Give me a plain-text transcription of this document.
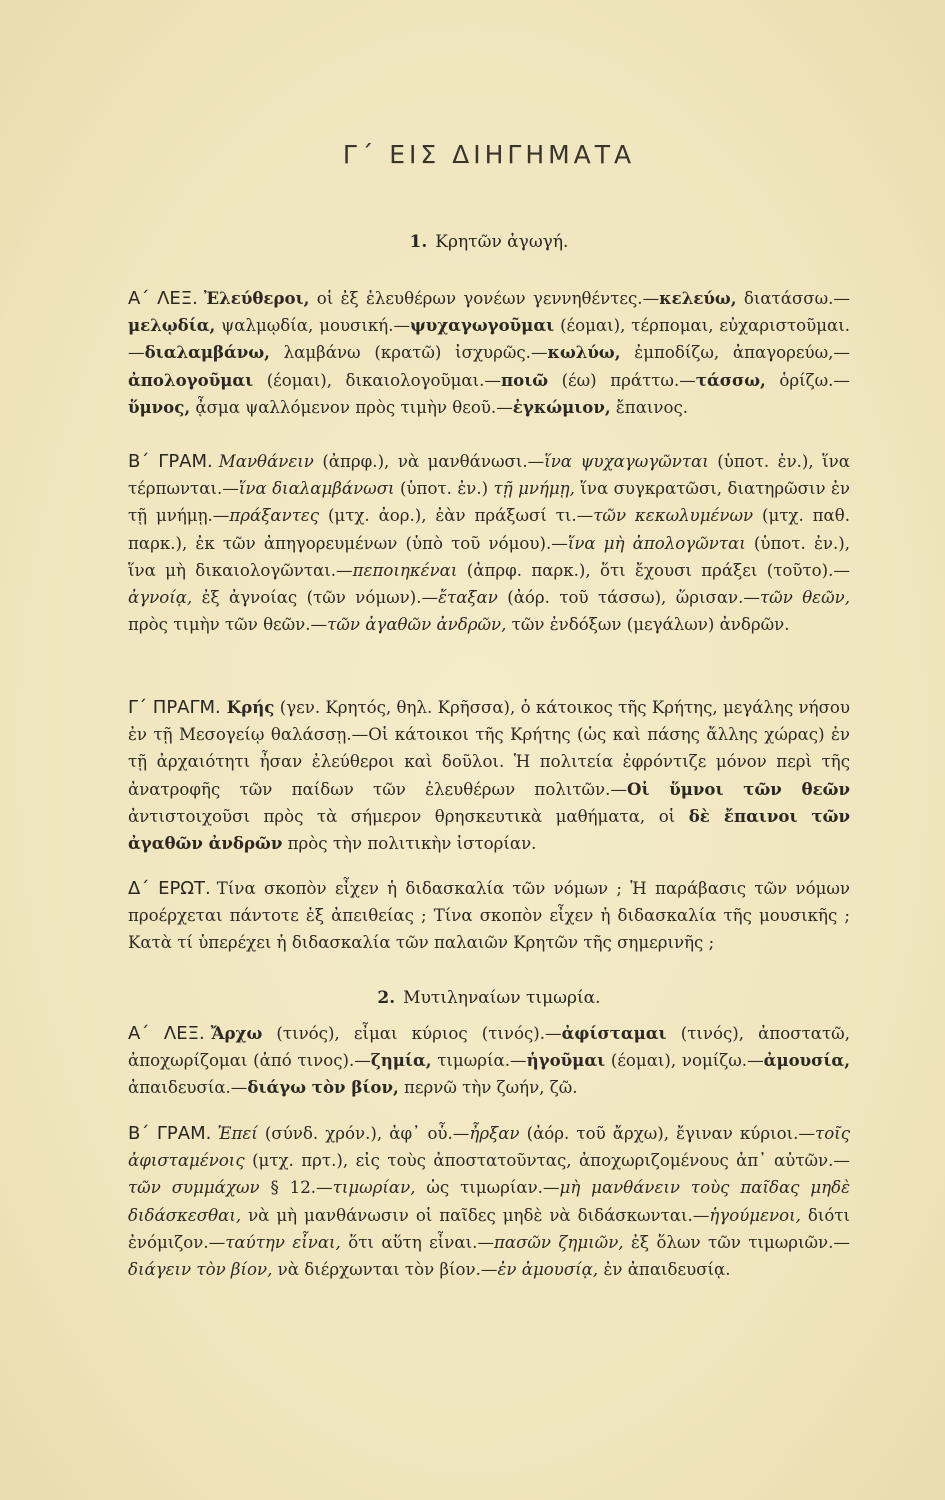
Γ΄ ΕΙΣ ΔΙΗΓΗΜΑΤΑ
1. Κρητῶν ἀγωγή.
Α΄ ΛΕΞ. Ἐλεύθεροι, οἱ ἐξ ἐλευθέρων γονέων γεννηθέντες.—κελεύω, διατάσσω.—μελῳδία, ψαλμῳδία, μουσική.—ψυχαγωγοῦμαι (έομαι), τέρπομαι, εὐχαριστοῦμαι.—διαλαμβάνω, λαμβάνω (κρατῶ) ἰσχυρῶς.—κωλύω, ἐμποδίζω, ἀπαγορεύω,—ἀπολογοῦμαι (έομαι), δικαιολογοῦμαι.—ποιῶ (έω) πράττω.—τάσσω, ὁρίζω.—ὕμνος, ᾆσμα ψαλλόμενον πρὸς τιμὴν θεοῦ.—ἐγκώμιον, ἔπαινος.
Β΄ ΓΡΑΜ. Μανθάνειν (ἀπρφ.), νὰ μανθάνωσι.—ἵνα ψυχαγωγῶνται (ὑποτ. ἐν.), ἵνα τέρπωνται.—ἵνα διαλαμβάνωσι (ὑποτ. ἐν.) τῇ μνήμῃ, ἵνα συγκρατῶσι, διατηρῶσιν ἐν τῇ μνήμῃ.—πράξαντες (μτχ. ἀορ.), ἐὰν πράξωσί τι.—τῶν κεκωλυμένων (μτχ. παθ. παρκ.), ἐκ τῶν ἀπηγορευμένων (ὑπὸ τοῦ νόμου).—ἵνα μὴ ἀπολογῶνται (ὑποτ. ἐν.), ἵνα μὴ δικαιολογῶνται.—πεποιηκέναι (ἀπρφ. παρκ.), ὅτι ἔχουσι πράξει (τοῦτο).—ἀγνοίᾳ, ἐξ ἀγνοίας (τῶν νόμων).—ἔταξαν (ἀόρ. τοῦ τάσσω), ὥρισαν.—τῶν θεῶν, πρὸς τιμὴν τῶν θεῶν.—τῶν ἀγαθῶν ἀνδρῶν, τῶν ἐνδόξων (μεγάλων) ἀνδρῶν.
Γ΄ ΠΡΑΓΜ. Κρής (γεν. Κρητός, θηλ. Κρῆσσα), ὁ κάτοικος τῆς Κρήτης, μεγάλης νήσου ἐν τῇ Μεσογείῳ θαλάσσῃ.—Οἱ κάτοικοι τῆς Κρήτης (ὡς καὶ πάσης ἄλλης χώρας) ἐν τῇ ἀρχαιότητι ἦσαν ἐλεύθεροι καὶ δοῦλοι. Ἡ πολιτεία ἐφρόντιζε μόνον περὶ τῆς ἀνατροφῆς τῶν παίδων τῶν ἐλευθέρων πολιτῶν.—Οἱ ὕμνοι τῶν θεῶν ἀντιστοιχοῦσι πρὸς τὰ σήμερον θρησκευτικὰ μαθήματα, οἱ δὲ ἔπαινοι τῶν ἀγαθῶν ἀνδρῶν πρὸς τὴν πολιτικὴν ἱστορίαν.
Δ΄ ΕΡΩΤ. Τίνα σκοπὸν εἶχεν ἡ διδασκαλία τῶν νόμων ; Ἡ παράβασις τῶν νόμων προέρχεται πάντοτε ἐξ ἀπειθείας ; Τίνα σκοπὸν εἶχεν ἡ διδασκαλία τῆς μουσικῆς ; Κατὰ τί ὑπερέχει ἡ διδασκαλία τῶν παλαιῶν Κρητῶν τῆς σημερινῆς ;
2. Μυτιληναίων τιμωρία.
Α΄ ΛΕΞ. Ἄρχω (τινός), εἶμαι κύριος (τινός).—ἀφίσταμαι (τινός), ἀποστατῶ, ἀποχωρίζομαι (ἀπό τινος).—ζημία, τιμωρία.—ἡγοῦμαι (έομαι), νομίζω.—ἀμουσία, ἀπαιδευσία.—διάγω τὸν βίον, περνῶ τὴν ζωήν, ζῶ.
Β΄ ΓΡΑΜ. Ἐπεί (σύνδ. χρόν.), ἀφ᾽ οὗ.—ἦρξαν (ἀόρ. τοῦ ἄρχω), ἔγιναν κύριοι.—τοῖς ἀφισταμένοις (μτχ. πρτ.), εἰς τοὺς ἀποστατοῦντας, ἀποχωριζομένους ἀπ᾽ αὐτῶν.—τῶν συμμάχων § 12.—τιμωρίαν, ὡς τιμωρίαν.—μὴ μανθάνειν τοὺς παῖδας μηδὲ διδάσκεσθαι, νὰ μὴ μανθάνωσιν οἱ παῖδες μηδὲ νὰ διδάσκωνται.—ἡγούμενοι, διότι ἐνόμιζον.—ταύτην εἶναι, ὅτι αὕτη εἶναι.—πασῶν ζημιῶν, ἐξ ὅλων τῶν τιμωριῶν.—διάγειν τὸν βίον, νὰ διέρχωνται τὸν βίον.—ἐν ἀμουσίᾳ, ἐν ἀπαιδευσίᾳ.
